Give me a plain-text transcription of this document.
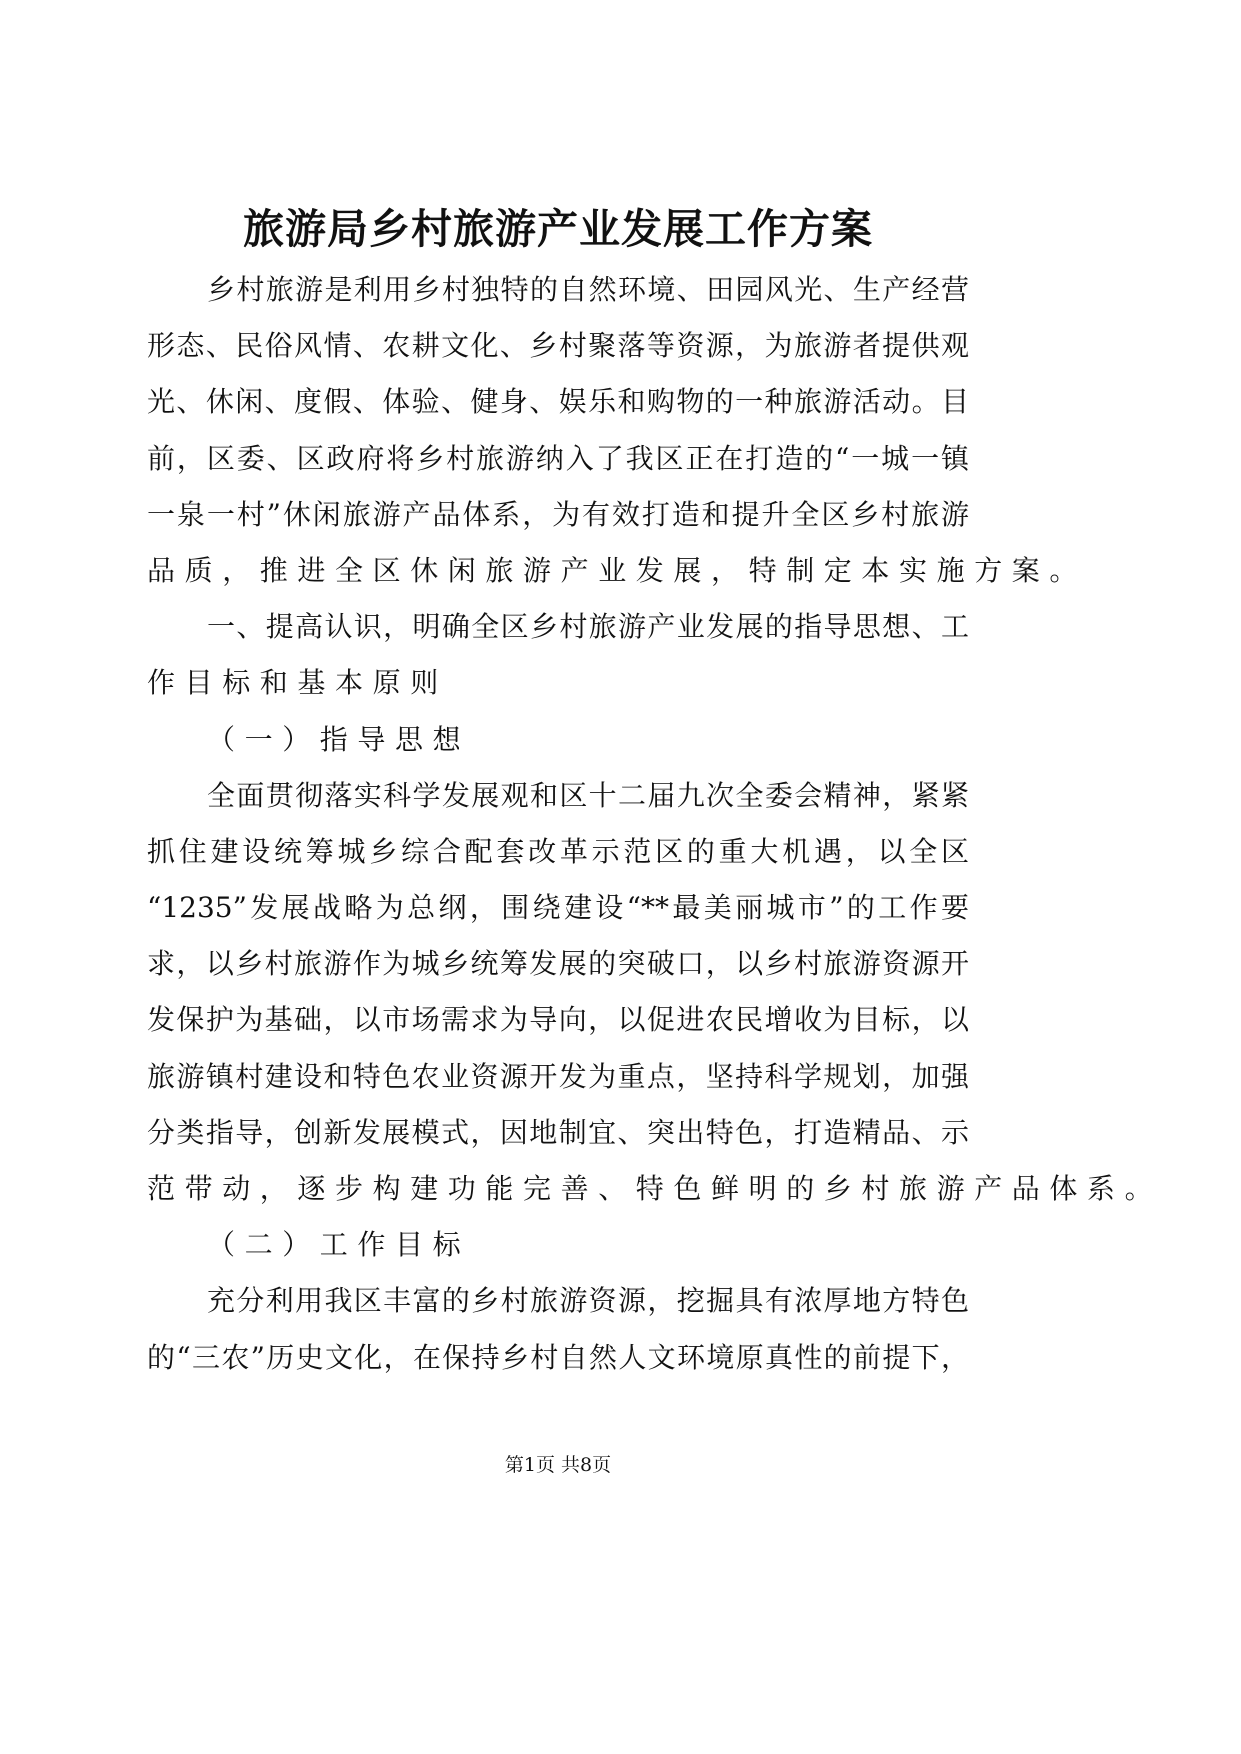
旅游局乡村旅游产业发展工作方案
乡村旅游是利用乡村独特的自然环境、田园风光、生产经营
形态、民俗风情、农耕文化、乡村聚落等资源，为旅游者提供观
光、休闲、度假、体验、健身、娱乐和购物的一种旅游活动。目
前，区委、区政府将乡村旅游纳入了我区正在打造的“一城一镇
一泉一村”休闲旅游产品体系，为有效打造和提升全区乡村旅游
品质，推进全区休闲旅游产业发展，特制定本实施方案。
一、提高认识，明确全区乡村旅游产业发展的指导思想、工
作目标和基本原则
（一）指导思想
全面贯彻落实科学发展观和区十二届九次全委会精神，紧紧
抓住建设统筹城乡综合配套改革示范区的重大机遇，以全区
“1235”发展战略为总纲，围绕建设“**最美丽城市”的工作要
求，以乡村旅游作为城乡统筹发展的突破口，以乡村旅游资源开
发保护为基础，以市场需求为导向，以促进农民增收为目标，以
旅游镇村建设和特色农业资源开发为重点，坚持科学规划，加强
分类指导，创新发展模式，因地制宜、突出特色，打造精品、示
范带动，逐步构建功能完善、特色鲜明的乡村旅游产品体系。
（二）工作目标
充分利用我区丰富的乡村旅游资源，挖掘具有浓厚地方特色
的“三农”历史文化，在保持乡村自然人文环境原真性的前提下，
第1页 共8页
